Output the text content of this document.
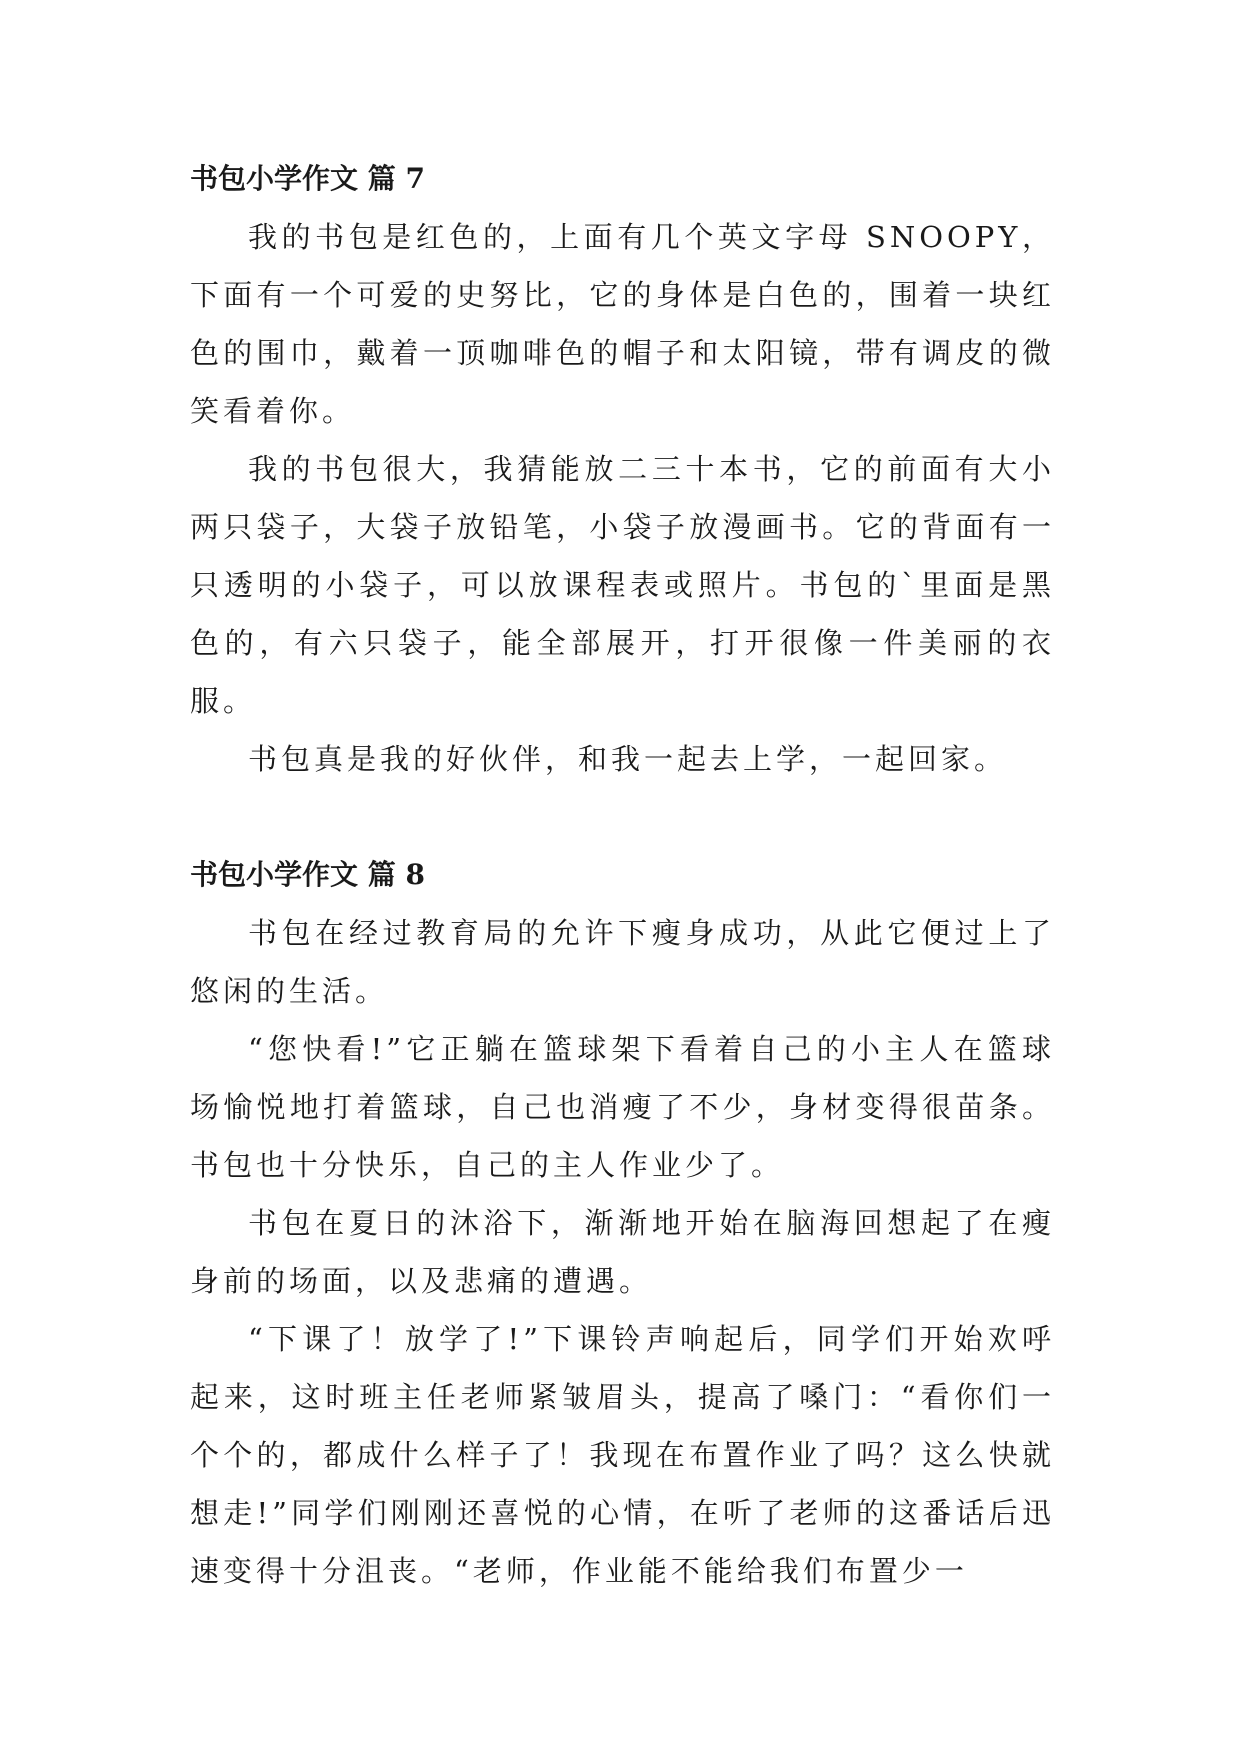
书包小学作文 篇 7

我的书包是红色的，上面有几个英文字母 SNOOPY，下面有一个可爱的史努比，它的身体是白色的，围着一块红色的围巾，戴着一顶咖啡色的帽子和太阳镜，带有调皮的微笑看着你。

我的书包很大，我猜能放二三十本书，它的前面有大小两只袋子，大袋子放铅笔，小袋子放漫画书。它的背面有一只透明的小袋子，可以放课程表或照片。书包的`里面是黑色的，有六只袋子，能全部展开，打开很像一件美丽的衣服。

书包真是我的好伙伴，和我一起去上学，一起回家。

书包小学作文 篇 8

书包在经过教育局的允许下瘦身成功，从此它便过上了悠闲的生活。

“您快看!”它正躺在篮球架下看着自己的小主人在篮球场愉悦地打着篮球，自己也消瘦了不少，身材变得很苗条。书包也十分快乐，自己的主人作业少了。

书包在夏日的沐浴下，渐渐地开始在脑海回想起了在瘦身前的场面，以及悲痛的遭遇。

“下课了！放学了!”下课铃声响起后，同学们开始欢呼起来，这时班主任老师紧皱眉头，提高了嗓门：“看你们一个个的，都成什么样子了！我现在布置作业了吗？这么快就想走!”同学们刚刚还喜悦的心情，在听了老师的这番话后迅速变得十分沮丧。“老师，作业能不能给我们布置少一
